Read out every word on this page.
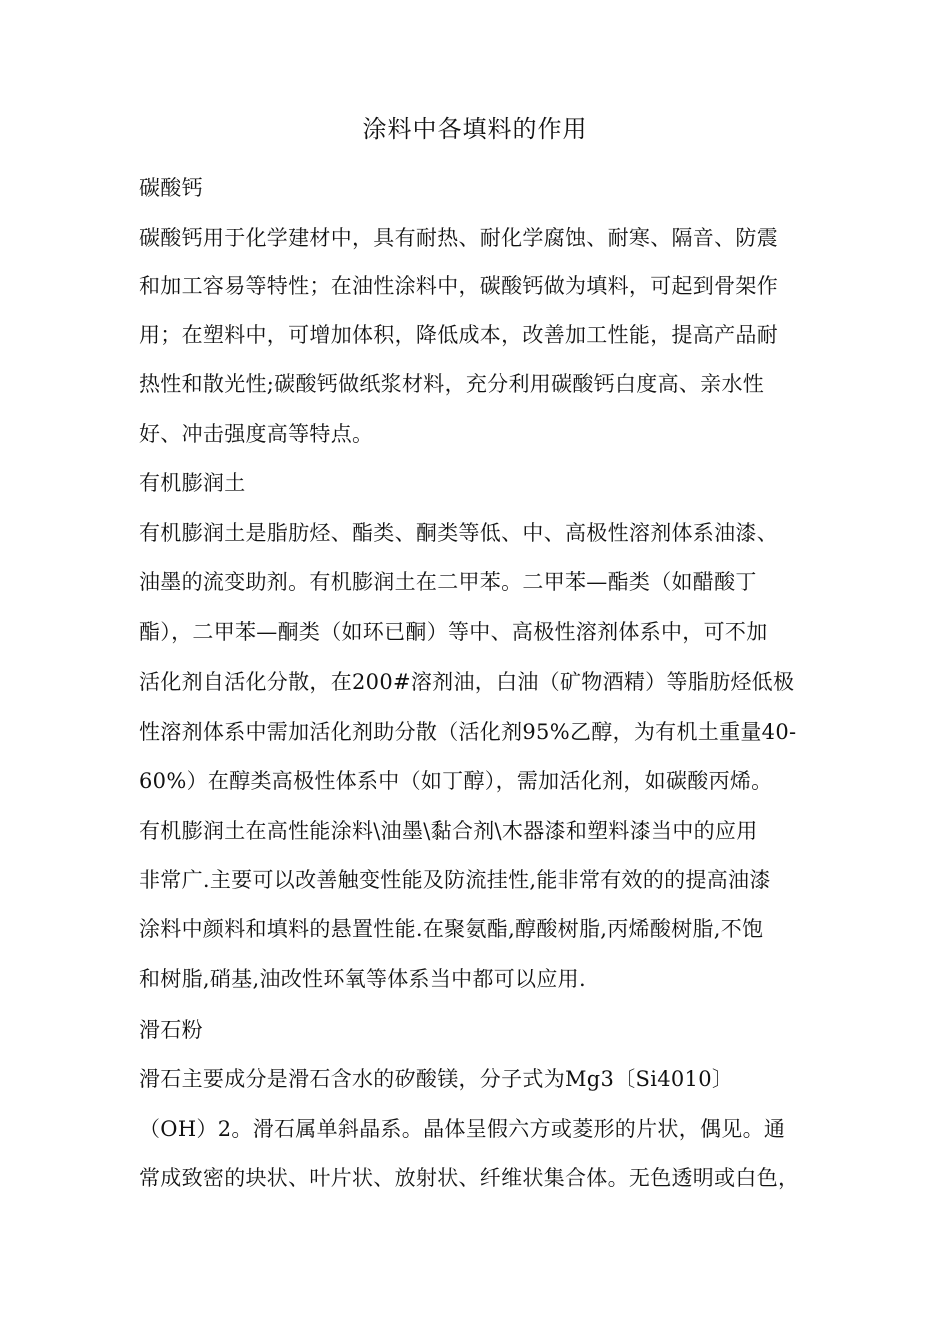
涂料中各填料的作用
碳酸钙
碳酸钙用于化学建材中，具有耐热、耐化学腐蚀、耐寒、隔音、防震
和加工容易等特性；在油性涂料中，碳酸钙做为填料，可起到骨架作
用；在塑料中，可增加体积，降低成本，改善加工性能，提高产品耐
热性和散光性;碳酸钙做纸浆材料，充分利用碳酸钙白度高、亲水性
好、冲击强度高等特点。
有机膨润土
有机膨润土是脂肪烃、酯类、酮类等低、中、高极性溶剂体系油漆、
油墨的流变助剂。有机膨润土在二甲苯。二甲苯—酯类（如醋酸丁
酯），二甲苯—酮类（如环已酮）等中、高极性溶剂体系中，可不加
活化剂自活化分散，在200#溶剂油，白油（矿物酒精）等脂肪烃低极
性溶剂体系中需加活化剂助分散（活化剂95%乙醇，为有机土重量40-
60%）在醇类高极性体系中（如丁醇），需加活化剂，如碳酸丙烯。
有机膨润土在高性能涂料\油墨\黏合剂\木器漆和塑料漆当中的应用
非常广.主要可以改善触变性能及防流挂性,能非常有效的的提高油漆
涂料中颜料和填料的悬置性能.在聚氨酯,醇酸树脂,丙烯酸树脂,不饱
和树脂,硝基,油改性环氧等体系当中都可以应用.
滑石粉
滑石主要成分是滑石含水的矽酸镁，分子式为Mg3〔Si4010〕
（OH）2。滑石属单斜晶系。晶体呈假六方或菱形的片状，偶见。通
常成致密的块状、叶片状、放射状、纤维状集合体。无色透明或白色，
